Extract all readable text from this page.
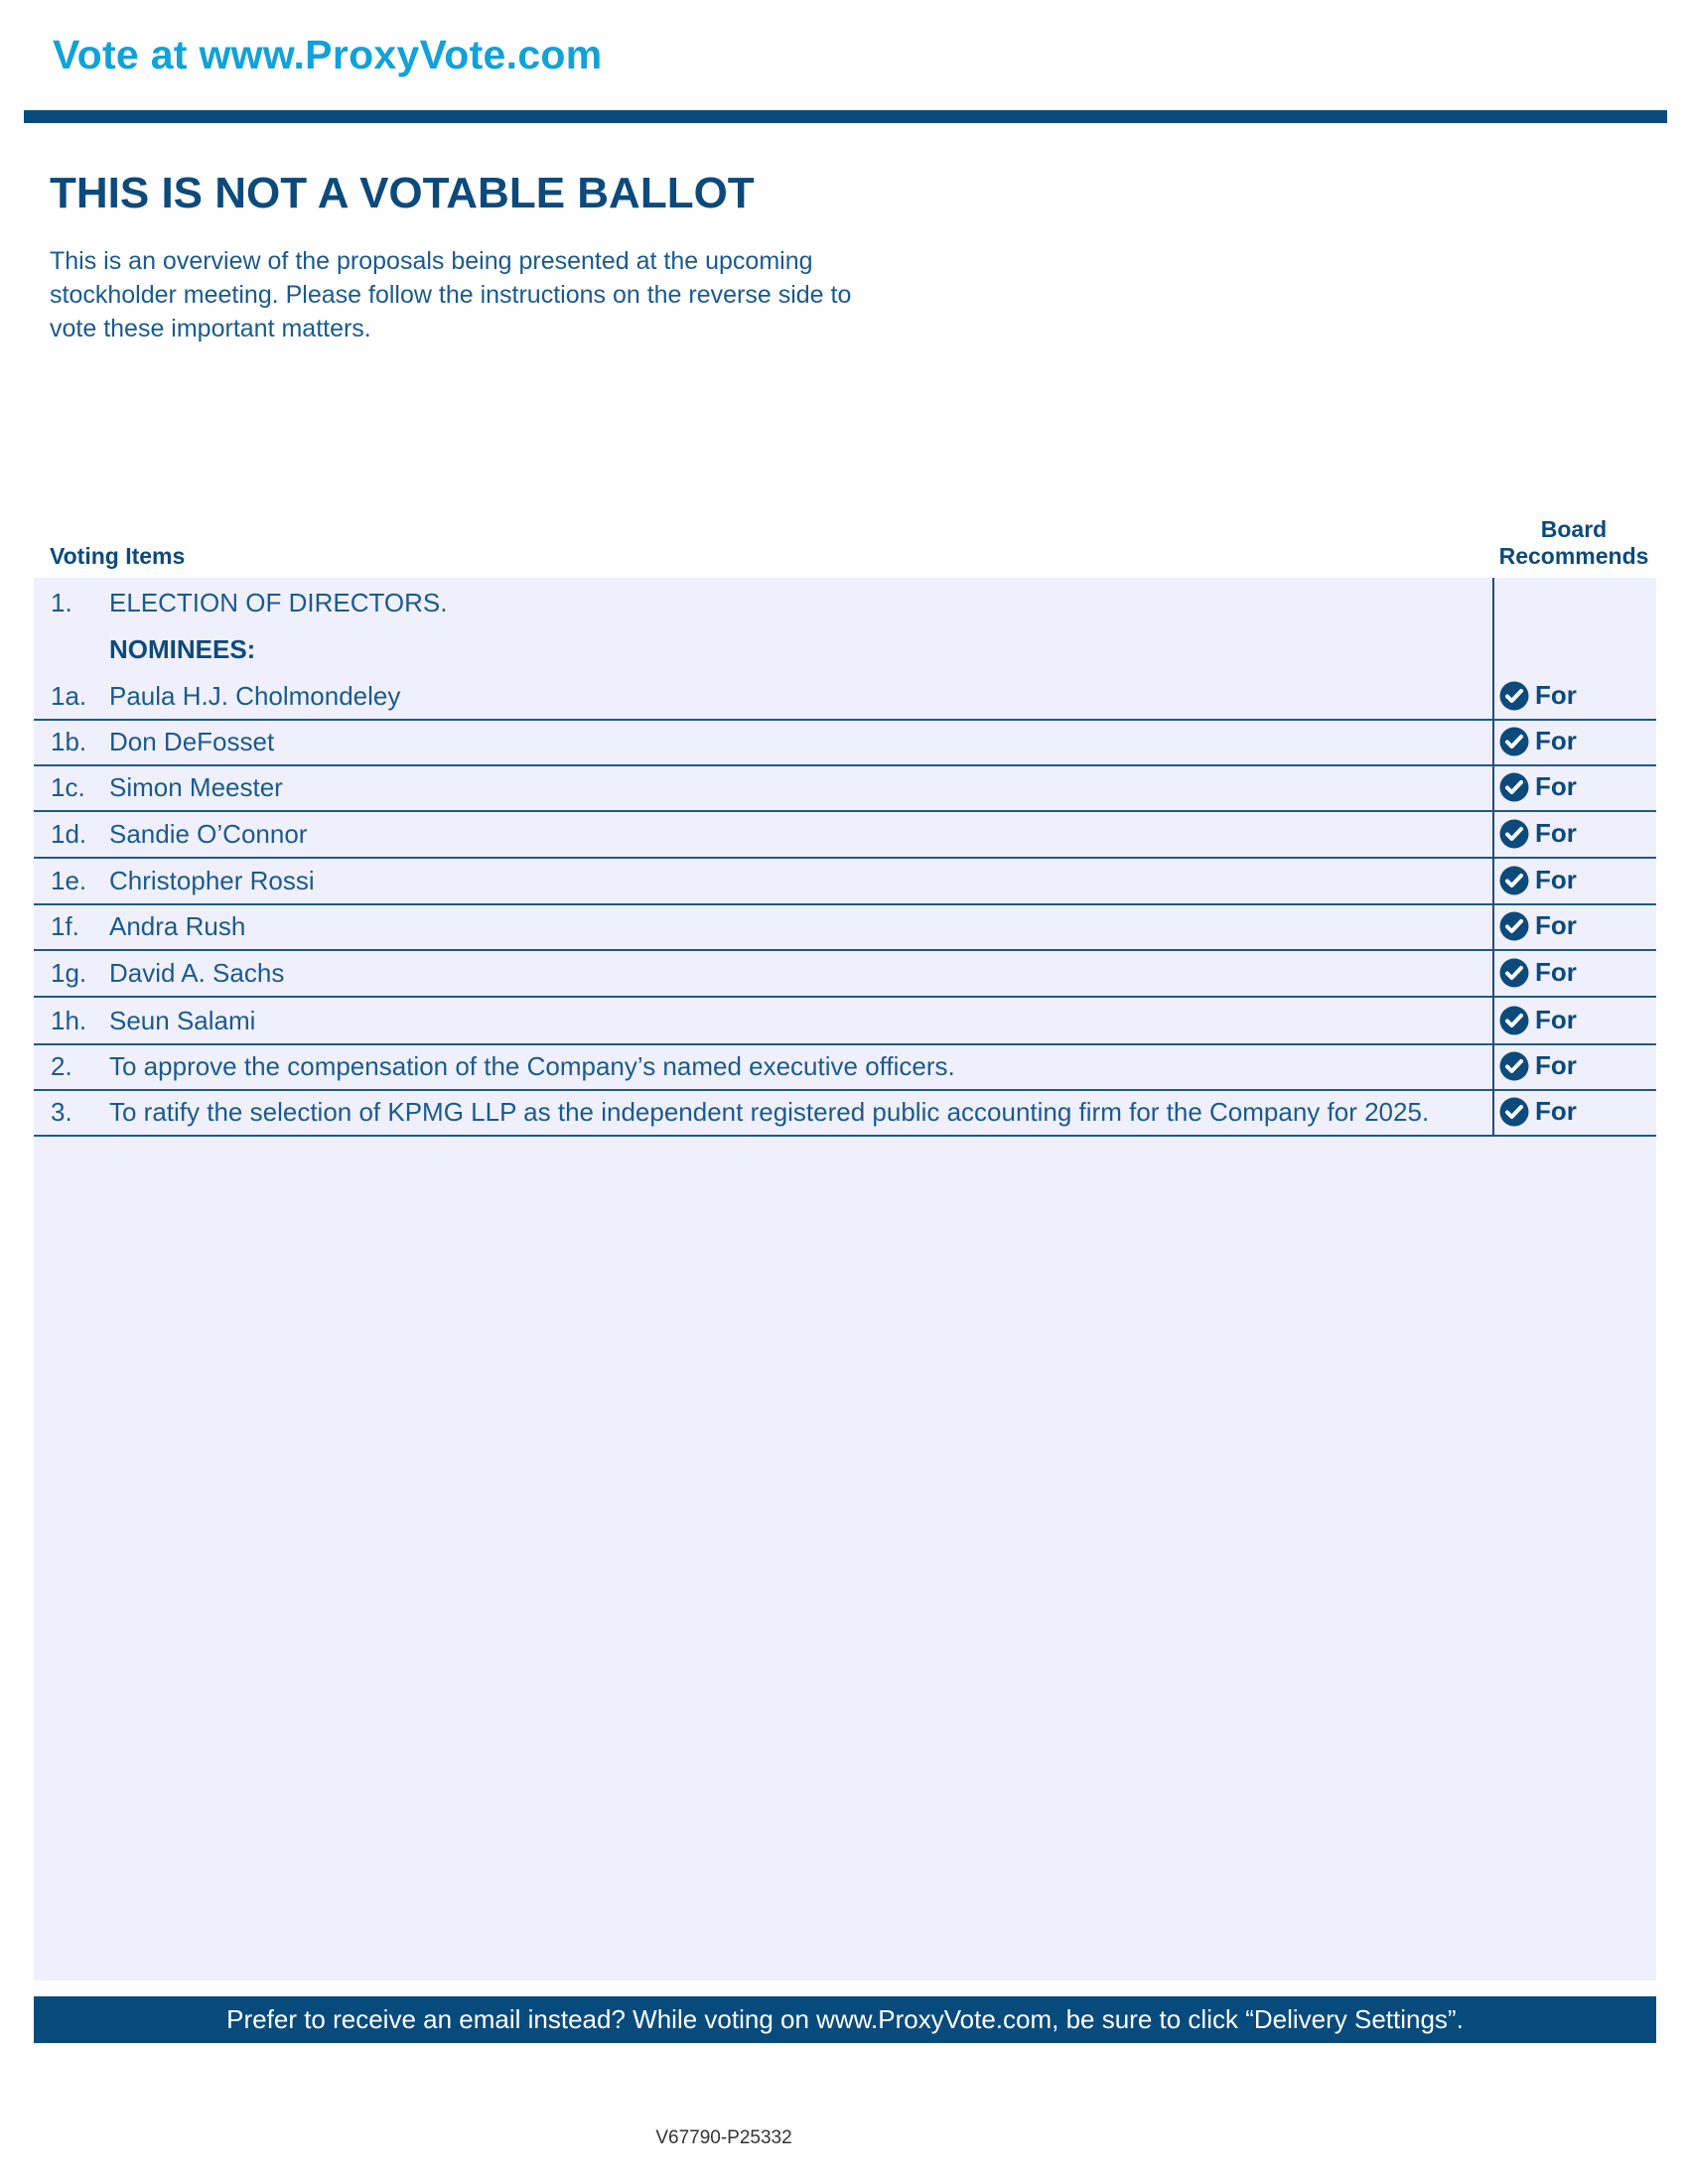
Vote at www.ProxyVote.com
THIS IS NOT A VOTABLE BALLOT
This is an overview of the proposals being presented at the upcoming stockholder meeting. Please follow the instructions on the reverse side to vote these important matters.
Voting Items
Board
Recommends
1. ELECTION OF DIRECTORS.
NOMINEES:
1a. Paula H.J. Cholmondeley	For
1b. Don DeFosset	For
1c. Simon Meester	For
1d. Sandie O’Connor	For
1e. Christopher Rossi	For
1f. Andra Rush	For
1g. David A. Sachs	For
1h. Seun Salami	For
2. To approve the compensation of the Company’s named executive officers.	For
3. To ratify the selection of KPMG LLP as the independent registered public accounting firm for the Company for 2025.	For
Prefer to receive an email instead? While voting on www.ProxyVote.com, be sure to click “Delivery Settings”.
V67790-P25332
